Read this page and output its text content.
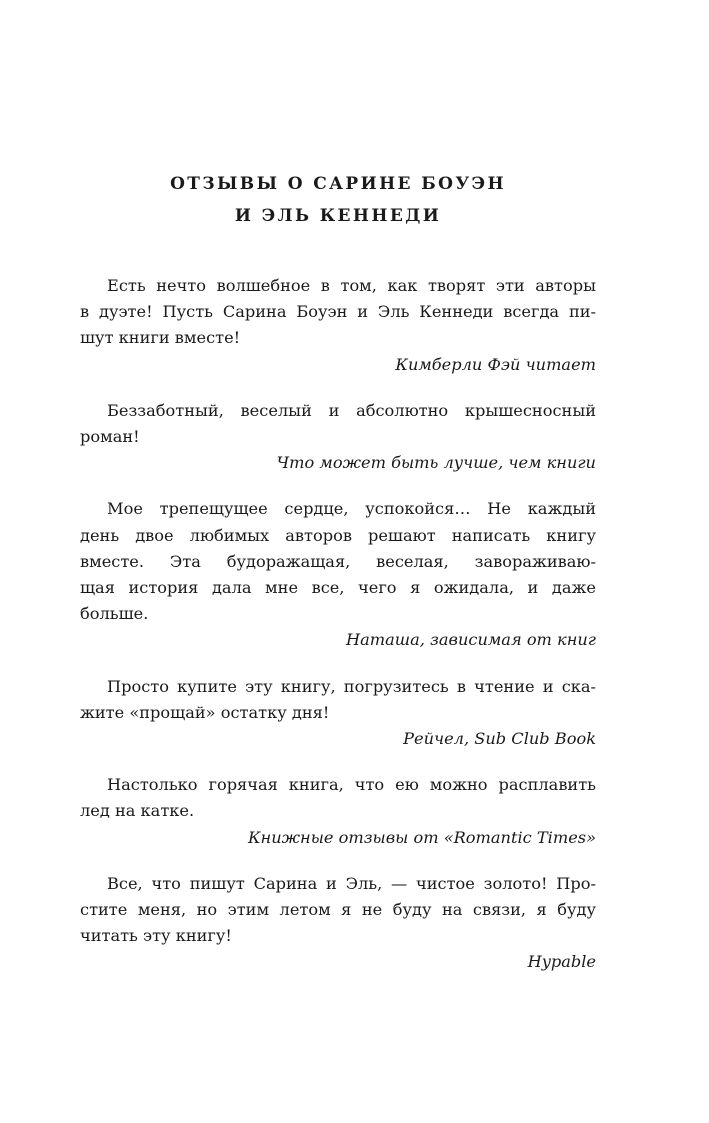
ОТЗЫВЫ О САРИНЕ БОУЭН
И ЭЛЬ КЕННЕДИ

Есть нечто волшебное в том, как творят эти авторы
в дуэте! Пусть Сарина Боуэн и Эль Кеннеди всегда пи-
шут книги вместе!

Кимберли Фэй читает

Беззаботный, веселый и абсолютно крышесносный
роман!

Что может быть лучше, чем книги

Мое трепещущее сердце, успокойся… Не каждый
день двое любимых авторов решают написать книгу
вместе. Эта будоражащая, веселая, завораживаю-
щая история дала мне все, чего я ожидала, и даже
больше.

Наташа, зависимая от книг

Просто купите эту книгу, погрузитесь в чтение и ска-
жите «прощай» остатку дня!

Рейчел, Sub Club Book

Настолько горячая книга, что ею можно расплавить
лед на катке.

Книжные отзывы от «Romantic Times»

Все, что пишут Сарина и Эль, — чистое золото! Про-
стите меня, но этим летом я не буду на связи, я буду
читать эту книгу!

Hypable
